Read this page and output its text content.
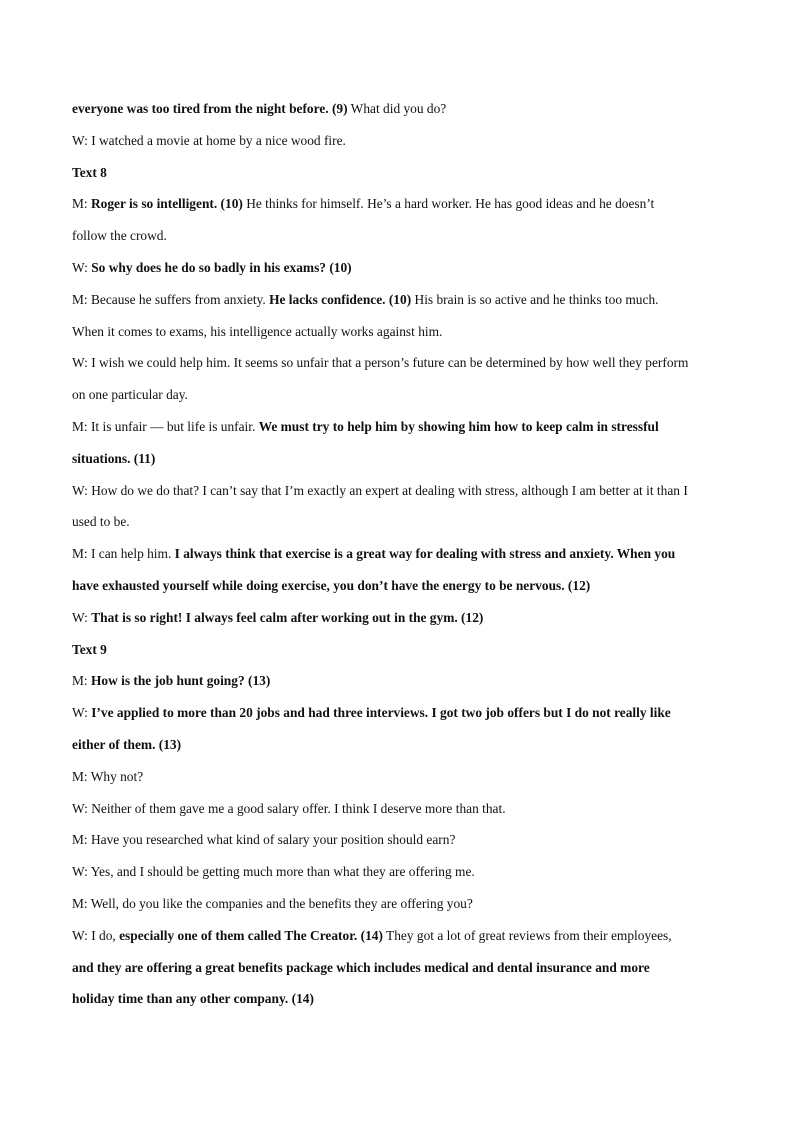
everyone was too tired from the night before. (9) What did you do?
W: I watched a movie at home by a nice wood fire.
Text 8
M: Roger is so intelligent. (10) He thinks for himself. He’s a hard worker. He has good ideas and he doesn’t
follow the crowd.
W: So why does he do so badly in his exams? (10)
M: Because he suffers from anxiety. He lacks confidence. (10) His brain is so active and he thinks too much.
When it comes to exams, his intelligence actually works against him.
W: I wish we could help him. It seems so unfair that a person’s future can be determined by how well they perform
on one particular day.
M: It is unfair — but life is unfair. We must try to help him by showing him how to keep calm in stressful
situations. (11)
W: How do we do that? I can’t say that I’m exactly an expert at dealing with stress, although I am better at it than I
used to be.
M: I can help him. I always think that exercise is a great way for dealing with stress and anxiety. When you
have exhausted yourself while doing exercise, you don’t have the energy to be nervous. (12)
W: That is so right! I always feel calm after working out in the gym. (12)
Text 9
M: How is the job hunt going? (13)
W: I’ve applied to more than 20 jobs and had three interviews. I got two job offers but I do not really like
either of them. (13)
M: Why not?
W: Neither of them gave me a good salary offer. I think I deserve more than that.
M: Have you researched what kind of salary your position should earn?
W: Yes, and I should be getting much more than what they are offering me.
M: Well, do you like the companies and the benefits they are offering you?
W: I do, especially one of them called The Creator. (14) They got a lot of great reviews from their employees,
and they are offering a great benefits package which includes medical and dental insurance and more
holiday time than any other company. (14)
